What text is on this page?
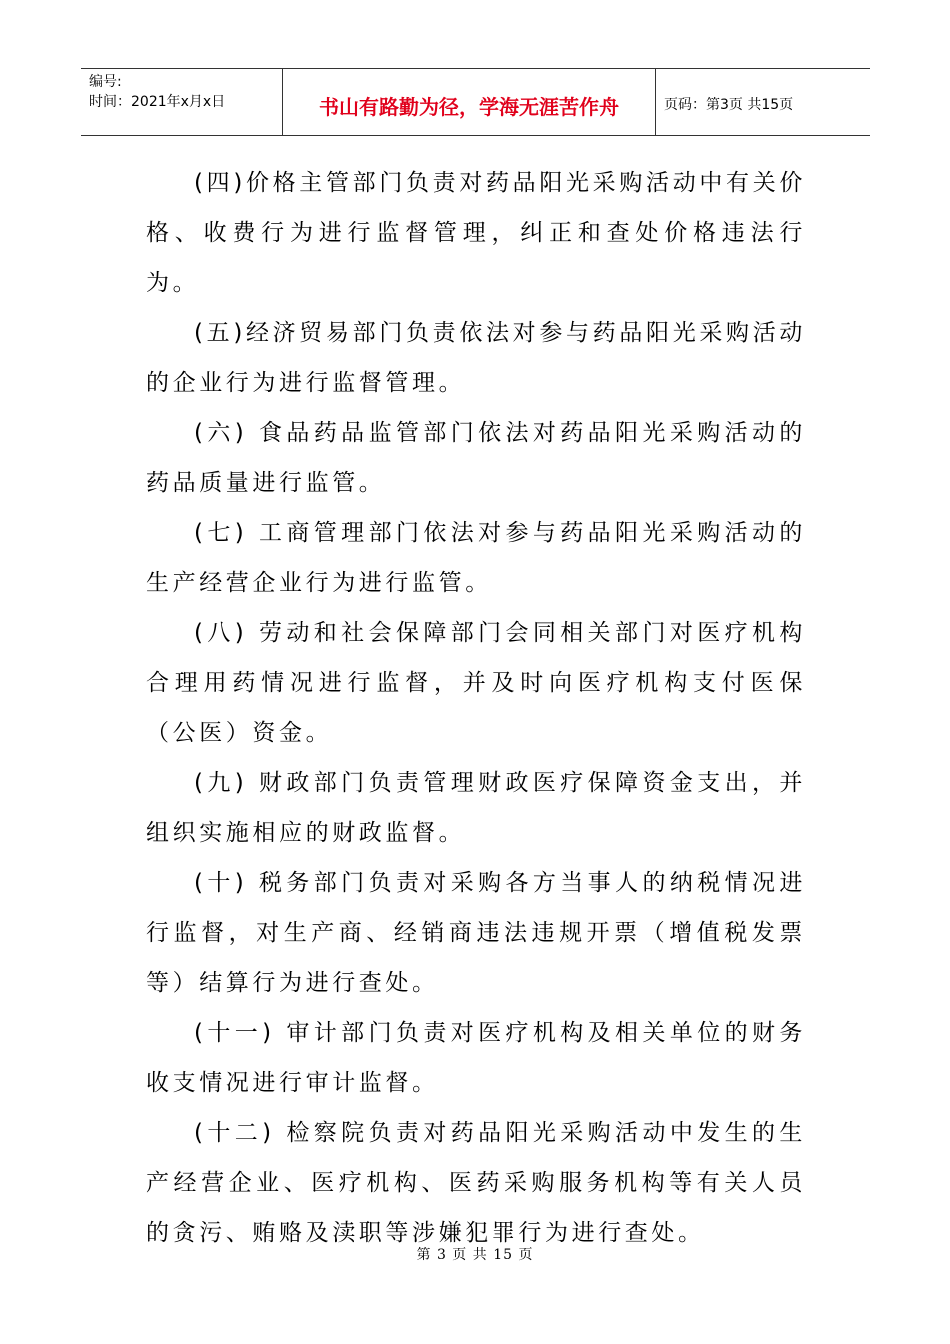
编号:
时间：2021年x月x日	书山有路勤为径，学海无涯苦作舟	页码：第3页 共15页

(四)价格主管部门负责对药品阳光采购活动中有关价格、收费行为进行监督管理，纠正和查处价格违法行为。

(五)经济贸易部门负责依法对参与药品阳光采购活动的企业行为进行监督管理。

(六) 食品药品监管部门依法对药品阳光采购活动的药品质量进行监管。

(七) 工商管理部门依法对参与药品阳光采购活动的生产经营企业行为进行监管。

(八) 劳动和社会保障部门会同相关部门对医疗机构合理用药情况进行监督，并及时向医疗机构支付医保（公医）资金。

(九) 财政部门负责管理财政医疗保障资金支出，并组织实施相应的财政监督。

(十) 税务部门负责对采购各方当事人的纳税情况进行监督，对生产商、经销商违法违规开票（增值税发票等）结算行为进行查处。

(十一) 审计部门负责对医疗机构及相关单位的财务收支情况进行审计监督。

(十二) 检察院负责对药品阳光采购活动中发生的生产经营企业、医疗机构、医药采购服务机构等有关人员的贪污、贿赂及渎职等涉嫌犯罪行为进行查处。

第 3 页 共 15 页
